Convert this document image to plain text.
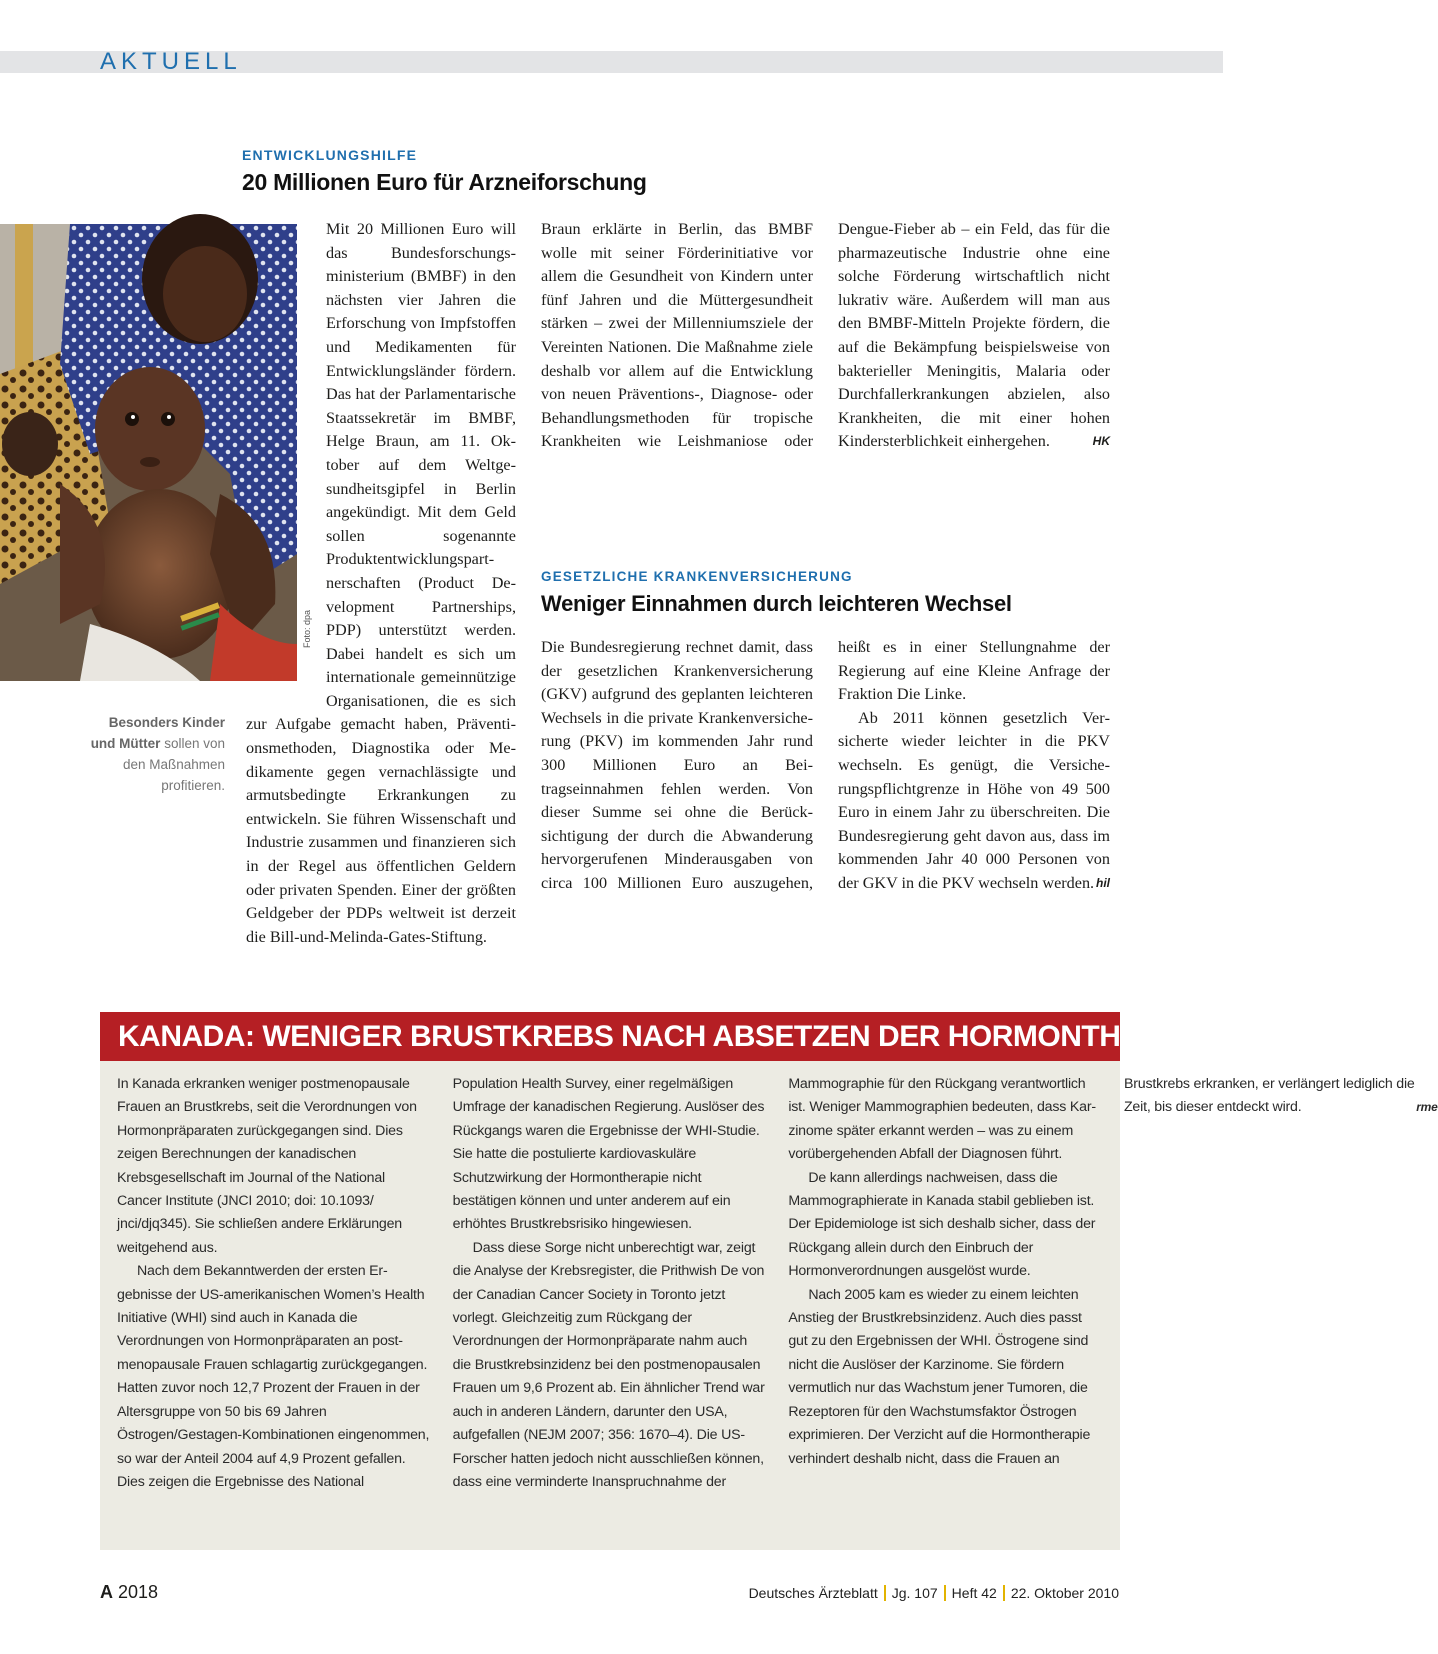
AKTUELL
ENTWICKLUNGSHILFE
20 Millionen Euro für Arzneiforschung
Foto: dpa
Besonders Kinder und Mütter sollen von den Maßnahmen profitieren.

Mit 20 Millionen Euro will das Bundesforschungsministerium (BMBF) in den nächsten vier Jahren die Erforschung von Impfstoffen und Medikamenten für Entwicklungsländer fördern. Das hat der Parlamentarische Staatssekretär im BMBF, Helge Braun, am 11. Oktober auf dem Weltgesundheitsgipfel in Berlin angekündigt. Mit dem Geld sollen sogenannte Produktentwicklungspartnerschaften (Product Development Partnerships, PDP) unterstützt werden. Dabei handelt es sich um internationale gemeinnützige Organisationen, die es sich zur Aufgabe gemacht haben, Präventionsmethoden, Diagnostika oder Medikamente gegen vernachlässigte und armutsbedingte Erkrankungen zu entwickeln. Sie führen Wissenschaft und Industrie zusammen und finanzieren sich in der Regel aus öffentlichen Geldern oder privaten Spenden. Einer der größten Geldgeber der PDPs weltweit ist derzeit die Bill-und-Melinda-Gates-Stiftung.

Braun erklärte in Berlin, das BMBF wolle mit seiner Förderinitiative vor allem die Gesundheit von Kindern unter fünf Jahren und die Müttergesundheit stärken – zwei der Millenniumsziele der Vereinten Nationen. Die Maßnahme ziele deshalb vor allem auf die Entwicklung von neuen Präventions-, Diagnose- oder Behandlungsmethoden für tropische Krankheiten wie Leishmaniose oder Dengue-Fieber ab – ein Feld, das für die pharmazeutische Industrie ohne eine solche Förderung wirtschaftlich nicht lukrativ wäre. Außerdem will man aus den BMBF-Mitteln Projekte fördern, die auf die Bekämpfung beispielsweise von bakterieller Meningitis, Malaria oder Durchfallerkrankungen abzielen, also Krankheiten, die mit einer hohen Kindersterblichkeit einhergehen.	HK
GESETZLICHE KRANKENVERSICHERUNG
Weniger Einnahmen durch leichteren Wechsel

Die Bundesregierung rechnet damit, dass der gesetzlichen Krankenversicherung (GKV) aufgrund des geplanten leichteren Wechsels in die private Krankenversicherung (PKV) im kommenden Jahr rund 300 Millionen Euro an Beitragseinnahmen fehlen werden. Von dieser Summe sei ohne die Berücksichtigung der durch die Abwanderung hervorgerufenen Minderausgaben von circa 100 Millionen Euro auszugehen, heißt es in einer Stellungnahme der Regierung auf eine Kleine Anfrage der Fraktion Die Linke.

Ab 2011 können gesetzlich Versicherte wieder leichter in die PKV wechseln. Es genügt, die Versicherungspflichtgrenze in Höhe von 49 500 Euro in einem Jahr zu überschreiten. Die Bundesregierung geht davon aus, dass im kommenden Jahr 40 000 Personen von der GKV in die PKV wechseln werden. hil
KANADA: WENIGER BRUSTKREBS NACH ABSETZEN DER HORMONTHERAPIE

In Kanada erkranken weniger postmenopausale Frauen an Brustkrebs, seit die Verordnungen von Hormonpräparaten zurückgegangen sind. Dies zeigen Berechnungen der kanadischen Krebsgesellschaft im Journal of the National Cancer Institute (JNCI 2010; doi: 10.1093/ jnci/djq345). Sie schließen andere Erklärungen weitgehend aus.

Nach dem Bekanntwerden der ersten Ergebnisse der US-amerikanischen Women’s Health Initiative (WHI) sind auch in Kanada die Verordnungen von Hormonpräparaten an postmenopausale Frauen schlagartig zurückgegangen. Hatten zuvor noch 12,7 Prozent der Frauen in der Altersgruppe von 50 bis 69 Jahren Östrogen/Gestagen-Kombinationen eingenommen, so war der Anteil 2004 auf 4,9 Prozent gefallen. Dies zeigen die Ergebnisse des National Population Health Survey, einer regelmäßigen Umfrage der kanadischen Regierung. Auslöser des Rückgangs waren die Ergebnisse der WHI-Studie. Sie hatte die postulierte kardiovaskuläre Schutzwirkung der Hormontherapie nicht bestätigen können und unter anderem auf ein erhöhtes Brustkrebsrisiko hingewiesen.

Dass diese Sorge nicht unberechtigt war, zeigt die Analyse der Krebsregister, die Prithwish De von der Canadian Cancer Society in Toronto jetzt vorlegt. Gleichzeitig zum Rückgang der Verordnungen der Hormonpräparate nahm auch die Brustkrebsinzidenz bei den postmenopausalen Frauen um 9,6 Prozent ab. Ein ähnlicher Trend war auch in anderen Ländern, darunter den USA, aufgefallen (NEJM 2007; 356: 1670–4). Die US-Forscher hatten jedoch nicht ausschließen können, dass eine verminderte Inanspruchnahme der Mammographie für den Rückgang verantwortlich ist. Weniger Mammographien bedeuten, dass Karzinome später erkannt werden – was zu einem vorübergehenden Abfall der Diagnosen führt.

De kann allerdings nachweisen, dass die Mammographierate in Kanada stabil geblieben ist. Der Epidemiologe ist sich deshalb sicher, dass der Rückgang allein durch den Einbruch der Hormonverordnungen ausgelöst wurde.

Nach 2005 kam es wieder zu einem leichten Anstieg der Brustkrebsinzidenz. Auch dies passt gut zu den Ergebnissen der WHI. Östrogene sind nicht die Auslöser der Karzinome. Sie fördern vermutlich nur das Wachstum jener Tumoren, die Rezeptoren für den Wachstumsfaktor Östrogen exprimieren. Der Verzicht auf die Hormontherapie verhindert deshalb nicht, dass die Frauen an Brustkrebs erkranken, er verlängert lediglich die Zeit, bis dieser entdeckt wird.	rme
A 2018	Deutsches Ärzteblatt Jg. 107 Heft 42 22. Oktober 2010
